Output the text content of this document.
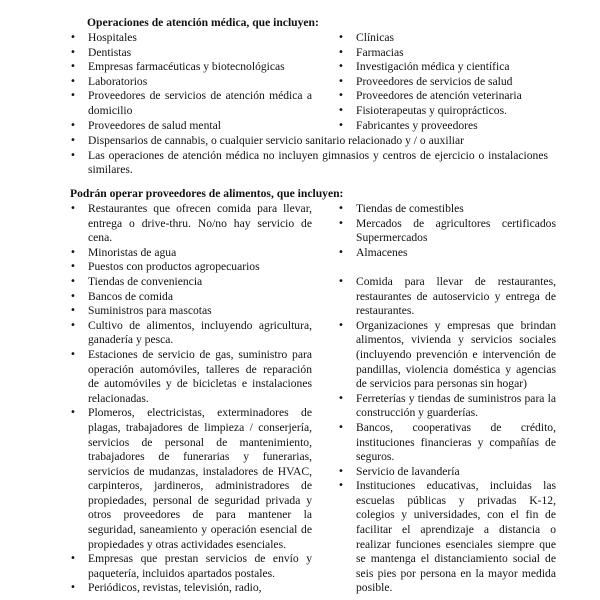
Operaciones de atención médica, que incluyen:
• Hospitales
• Dentistas
• Empresas farmacéuticas y biotecnológicas
• Laboratorios
• Proveedores de servicios de atención médica a domicilio
• Proveedores de salud mental
• Clínicas
• Farmacias
• Investigación médica y científica
• Proveedores de servicios de salud
• Proveedores de atención veterinaria
• Fisioterapeutas y quiroprácticos.
• Fabricantes y proveedores
• Dispensarios de cannabis, o cualquier servicio sanitario relacionado y / o auxiliar
• Las operaciones de atención médica no incluyen gimnasios y centros de ejercicio o instalaciones similares.
Podrán operar proveedores de alimentos, que incluyen:
• Restaurantes que ofrecen comida para llevar, entrega o drive-thru. No/no hay servicio de cena.
• Minoristas de agua
• Puestos con productos agropecuarios
• Tiendas de conveniencia
• Bancos de comida
• Suministros para mascotas
• Cultivo de alimentos, incluyendo agricultura, ganadería y pesca.
• Estaciones de servicio de gas, suministro para operación automóviles, talleres de reparación de automóviles y de bicicletas e instalaciones relacionadas.
• Plomeros, electricistas, exterminadores de plagas, trabajadores de limpieza / conserjería, servicios de personal de mantenimiento, trabajadores de funerarias y funerarias, servicios de mudanzas, instaladores de HVAC, carpinteros, jardineros, administradores de propiedades, personal de seguridad privada y otros proveedores de para mantener la seguridad, saneamiento y operación esencial de propiedades y otras actividades esenciales.
• Empresas que prestan servicios de envío y paquetería, incluidos apartados postales.
• Periódicos, revistas, televisión, radio,
• Tiendas de comestibles
• Mercados de agricultores certificados Supermercados
• Almacenes
• Comida para llevar de restaurantes, restaurantes de autoservicio y entrega de restaurantes.
• Organizaciones y empresas que brindan alimentos, vivienda y servicios sociales (incluyendo prevención e intervención de pandillas, violencia doméstica y agencias de servicios para personas sin hogar)
• Ferreterías y tiendas de suministros para la construcción y guarderías.
• Bancos, cooperativas de crédito, instituciones financieras y compañías de seguros.
• Servicio de lavandería
• Instituciones educativas, incluidas las escuelas públicas y privadas K-12, colegios y universidades, con el fin de facilitar el aprendizaje a distancia o realizar funciones esenciales siempre que se mantenga el distanciamiento social de seis pies por persona en la mayor medida posible.
